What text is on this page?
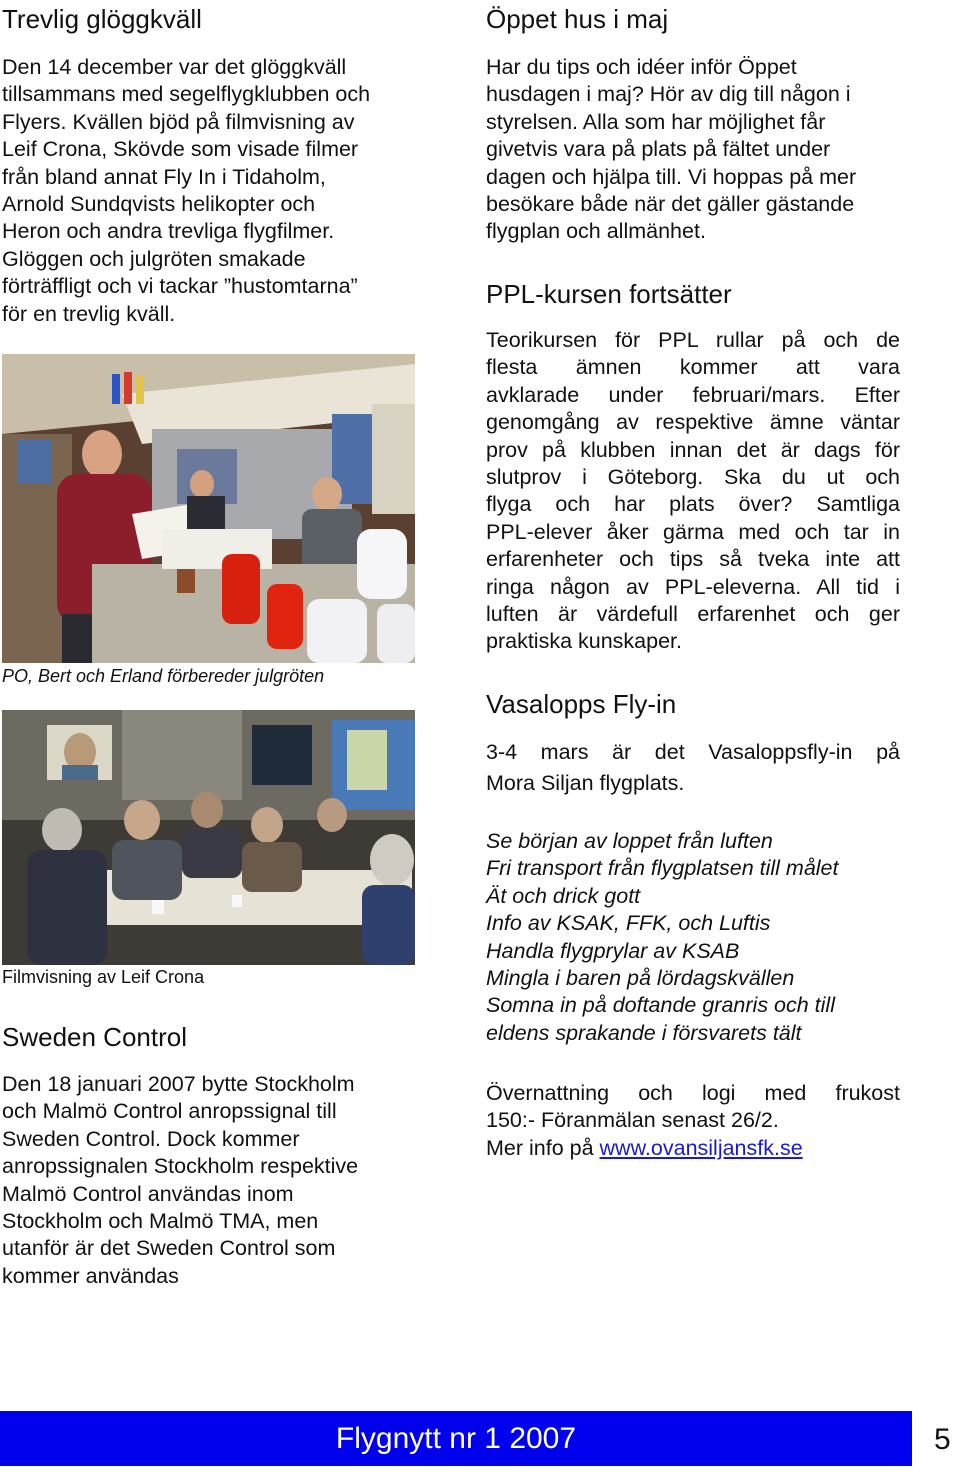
Trevlig glöggkväll

Den 14 december var det glöggkväll

tillsammans med segelflygklubben och

Flyers. Kvällen bjöd på filmvisning av

Leif Crona, Skövde som visade filmer

från bland annat Fly In i Tidaholm,

Arnold Sundqvists helikopter och

Heron och andra trevliga flygfilmer.

Glöggen och julgröten smakade

förträffligt och vi tackar ”hustomtarna”

för en trevlig kväll.

PO, Bert och Erland förbereder julgröten
Filmvisning av Leif Crona
Sweden Control

Den 18 januari 2007 bytte Stockholm

och Malmö Control anropssignal till

Sweden Control. Dock kommer

anropssignalen Stockholm respektive

Malmö Control användas inom

Stockholm och Malmö TMA, men

utanför är det Sweden Control som

kommer användas

Öppet hus i maj

Har du tips och idéer inför Öppet

husdagen i maj? Hör av dig till någon i

styrelsen. Alla som har möjlighet får

givetvis vara på plats på fältet under

dagen och hjälpa till. Vi hoppas på mer

besökare både när det gäller gästande

flygplan och allmänhet.

PPL-kursen fortsätter

Teorikursen för PPL rullar på och de

flesta ämnen kommer att vara

avklarade under februari/mars. Efter

genomgång av respektive ämne väntar

prov på klubben innan det är dags för

slutprov i Göteborg. Ska du ut och

flyga och har plats över? Samtliga

PPL-elever åker gärma med och tar in

erfarenheter och tips så tveka inte att

ringa någon av PPL-eleverna. All tid i

luften är värdefull erfarenhet och ger

praktiska kunskaper.

Vasalopps Fly-in

3-4 mars är det Vasaloppsfly-in på

Mora Siljan flygplats.

Se början av loppet från luften

Fri transport från flygplatsen till målet

Ät och drick gott

Info av KSAK, FFK, och Luftis

Handla flygprylar av KSAB

Mingla i baren på lördagskvällen

Somna in på doftande granris och till

eldens sprakande i försvarets tält

Övernattning och logi med frukost

150:- Föranmälan senast 26/2.

Mer info på www.ovansiljansfk.se

Flygnytt nr 1 2007	5
